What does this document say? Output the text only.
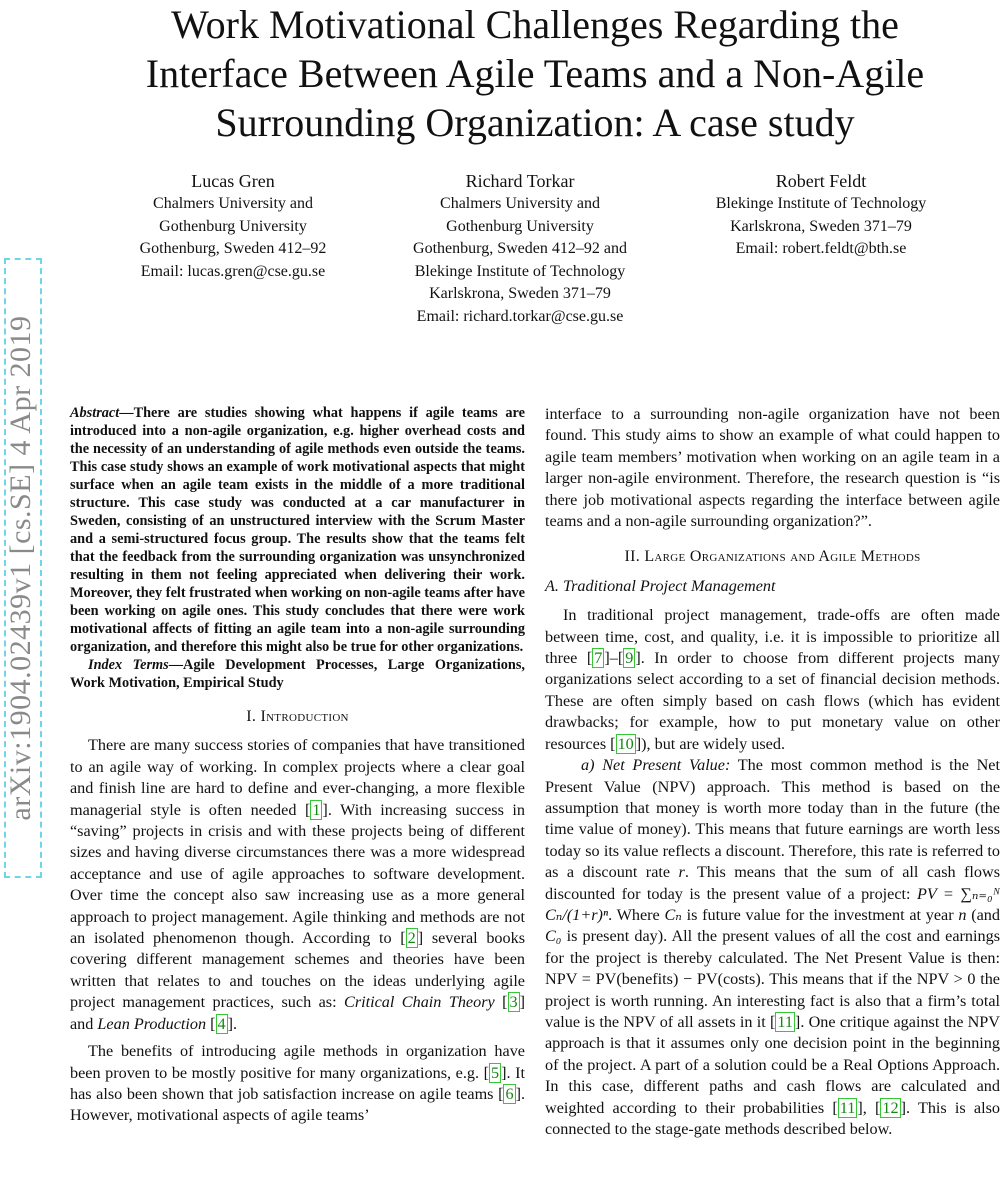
arXiv:1904.02439v1 [cs.SE] 4 Apr 2019
Work Motivational Challenges Regarding the
Interface Between Agile Teams and a Non-Agile
Surrounding Organization: A case study
Lucas Gren
Chalmers University and
Gothenburg University
Gothenburg, Sweden 412–92
Email: lucas.gren@cse.gu.se
Richard Torkar
Chalmers University and
Gothenburg University
Gothenburg, Sweden 412–92 and
Blekinge Institute of Technology
Karlskrona, Sweden 371–79
Email: richard.torkar@cse.gu.se
Robert Feldt
Blekinge Institute of Technology
Karlskrona, Sweden 371–79
Email: robert.feldt@bth.se
Abstract—There are studies showing what happens if agile teams are introduced into a non-agile organization, e.g. higher overhead costs and the necessity of an understanding of agile methods even outside the teams. This case study shows an example of work motivational aspects that might surface when an agile team exists in the middle of a more traditional structure. This case study was conducted at a car manufacturer in Sweden, consisting of an unstructured interview with the Scrum Master and a semi-structured focus group. The results show that the teams felt that the feedback from the surrounding organization was unsynchronized resulting in them not feeling appreciated when delivering their work. Moreover, they felt frustrated when working on non-agile teams after have been working on agile ones. This study concludes that there were work motivational affects of fitting an agile team into a non-agile surrounding organization, and therefore this might also be true for other organizations.
Index Terms—Agile Development Processes, Large Organizations, Work Motivation, Empirical Study
I. Introduction

There are many success stories of companies that have transitioned to an agile way of working. In complex projects where a clear goal and finish line are hard to define and ever-changing, a more flexible managerial style is often needed [ 1 ]. With increasing success in “saving” projects in crisis and with these projects being of different sizes and having diverse circumstances there was a more widespread acceptance and use of agile approaches to software development. Over time the concept also saw increasing use as a more general approach to project management. Agile thinking and methods are not an isolated phenomenon though. According to [ 2 ] several books covering different management schemes and theories have been written that relates to and touches on the ideas underlying agile project management practices, such as: Critical Chain Theory [ 3 ] and Lean Production [ 4 ].

The benefits of introducing agile methods in organization have been proven to be mostly positive for many organizations, e.g. [ 5 ]. It has also been shown that job satisfaction increase on agile teams [ 6 ]. However, motivational aspects of agile teams’

interface to a surrounding non-agile organization have not been found. This study aims to show an example of what could happen to agile team members’ motivation when working on an agile team in a larger non-agile environment. Therefore, the research question is “is there job motivational aspects regarding the interface between agile teams and a non-agile surrounding organization?”.

II. Large Organizations and Agile Methods
A. Traditional Project Management

In traditional project management, trade-offs are often made between time, cost, and quality, i.e. it is impossible to prioritize all three [ 7 ]–[ 9 ]. In order to choose from different projects many organizations select according to a set of financial decision methods. These are often simply based on cash flows (which has evident drawbacks; for example, how to put monetary value on other resources [ 10 ]), but are widely used.

a) Net Present Value: The most common method is the Net Present Value (NPV) approach. This method is based on the assumption that money is worth more today than in the future (the time value of money). This means that future earnings are worth less today so its value reflects a discount. Therefore, this rate is referred to as a discount rate r. This means that the sum of all cash flows discounted for today is the present value of a project: PV = ∑ₙ₌₀ᴺ Cₙ/(1+r)ⁿ. Where Cₙ is future value for the investment at year n (and C₀ is present day). All the present values of all the cost and earnings for the project is thereby calculated. The Net Present Value is then: NPV = PV(benefits) − PV(costs). This means that if the NPV > 0 the project is worth running. An interesting fact is also that a firm’s total value is the NPV of all assets in it [ 11 ]. One critique against the NPV approach is that it assumes only one decision point in the beginning of the project. A part of a solution could be a Real Options Approach. In this case, different paths and cash flows are calculated and weighted according to their probabilities [ 11 ], [ 12 ]. This is also connected to the stage-gate methods described below.
